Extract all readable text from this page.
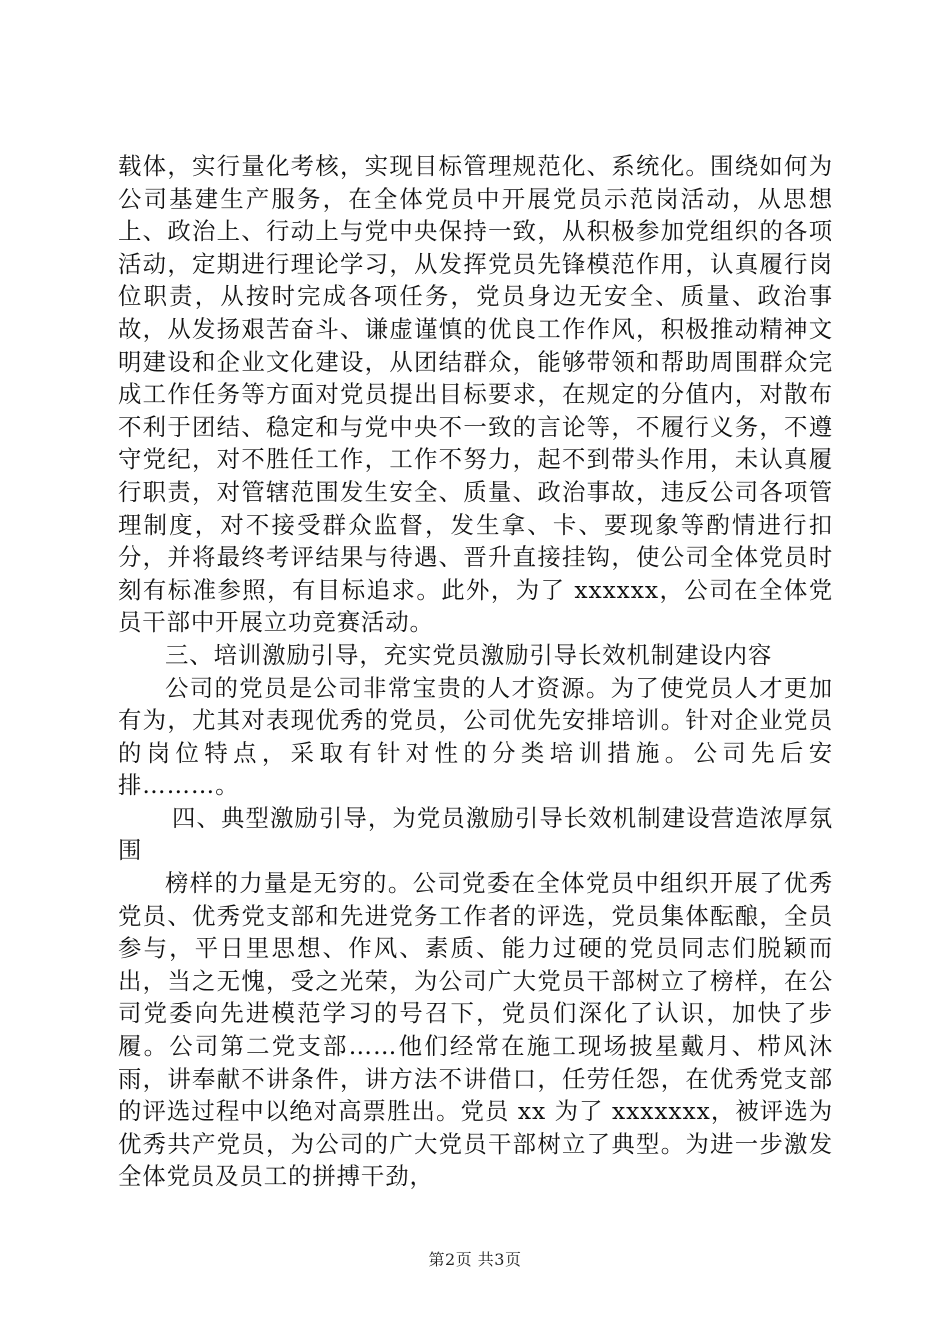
载体，实行量化考核，实现目标管理规范化、系统化。围绕如何为公司基建生产服务，在全体党员中开展党员示范岗活动，从思想上、政治上、行动上与党中央保持一致，从积极参加党组织的各项活动，定期进行理论学习，从发挥党员先锋模范作用，认真履行岗位职责，从按时完成各项任务，党员身边无安全、质量、政治事故，从发扬艰苦奋斗、谦虚谨慎的优良工作作风，积极推动精神文明建设和企业文化建设，从团结群众，能够带领和帮助周围群众完成工作任务等方面对党员提出目标要求，在规定的分值内，对散布不利于团结、稳定和与党中央不一致的言论等，不履行义务，不遵守党纪，对不胜任工作，工作不努力，起不到带头作用，未认真履行职责，对管辖范围发生安全、质量、政治事故，违反公司各项管理制度，对不接受群众监督，发生拿、卡、要现象等酌情进行扣分，并将最终考评结果与待遇、晋升直接挂钩，使公司全体党员时刻有标准参照，有目标追求。此外，为了 xxxxxx，公司在全体党员干部中开展立功竞赛活动。

三、培训激励引导，充实党员激励引导长效机制建设内容

公司的党员是公司非常宝贵的人才资源。为了使党员人才更加有为，尤其对表现优秀的党员，公司优先安排培训。针对企业党员的岗位特点，采取有针对性的分类培训措施。公司先后安排………。

四、典型激励引导，为党员激励引导长效机制建设营造浓厚氛围

榜样的力量是无穷的。公司党委在全体党员中组织开展了优秀党员、优秀党支部和先进党务工作者的评选，党员集体酝酿，全员参与，平日里思想、作风、素质、能力过硬的党员同志们脱颖而出，当之无愧，受之光荣，为公司广大党员干部树立了榜样，在公司党委向先进模范学习的号召下，党员们深化了认识，加快了步履。公司第二党支部……他们经常在施工现场披星戴月、栉风沐雨，讲奉献不讲条件，讲方法不讲借口，任劳任怨，在优秀党支部的评选过程中以绝对高票胜出。党员 xx 为了 xxxxxxx，被评选为优秀共产党员，为公司的广大党员干部树立了典型。为进一步激发全体党员及员工的拼搏干劲，

第2页 共3页
